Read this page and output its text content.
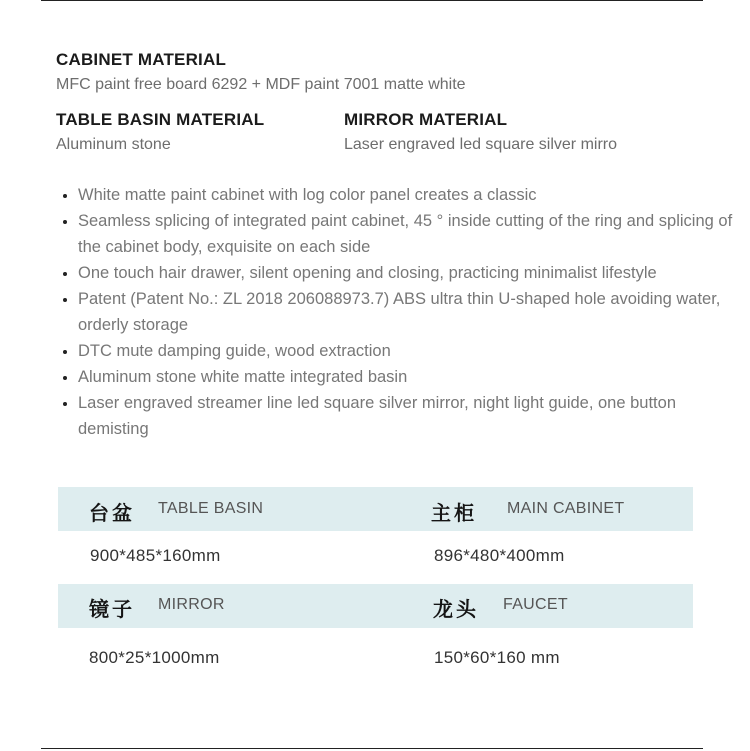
CABINET MATERIAL
MFC paint free board 6292 + MDF paint 7001 matte white
TABLE BASIN MATERIAL
Aluminum stone
MIRROR MATERIAL
Laser engraved led square silver mirro
• White matte paint cabinet with log color panel creates a classic
• Seamless splicing of integrated paint cabinet, 45 ° inside cutting of the ring and splicing of the cabinet body, exquisite on each side
• One touch hair drawer, silent opening and closing, practicing minimalist lifestyle
• Patent (Patent No.: ZL 2018 206088973.7) ABS ultra thin U-shaped hole avoiding water, orderly storage
• DTC mute damping guide, wood extraction
• Aluminum stone white matte integrated basin
• Laser engraved streamer line led square silver mirror, night light guide, one button demisting
台盆 TABLE BASIN	主柜 MAIN CABINET
900*485*160mm	896*480*400mm
镜子 MIRROR	龙头 FAUCET
800*25*1000mm	150*60*160 mm
